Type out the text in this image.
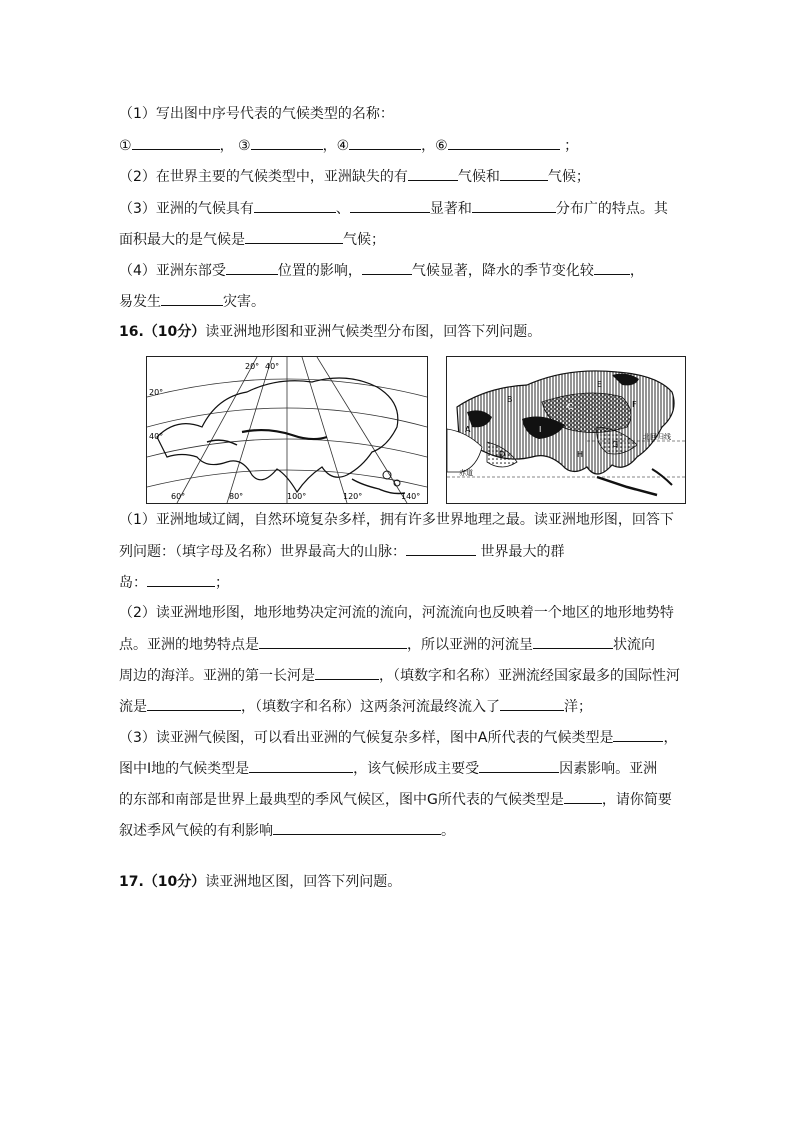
（1）写出图中序号代表的气候类型的名称：
①	， ③	，④	，⑥	；
（2）在世界主要的气候类型中，亚洲缺失的有	气候和	气候；
（3）亚洲的气候具有	、	显著和	分布广的特点。其
面积最大的是气候是	气候；
（4）亚洲东部受	位置的影响，	气候显著，降水的季节变化较	，
易发生	灾害。
16.（10分）读亚洲地形图和亚洲气候类型分布图，回答下列问题。
20° 40°
20°
40°
60°	80°	100°	120°	140°
北回归线
赤道
A
B
C
D
E
F
G
H
Ⅰ
（1）亚洲地域辽阔，自然环境复杂多样，拥有许多世界地理之最。读亚洲地形图，回答下
列问题：（填字母及名称）世界最高大的山脉：	世界最大的群
岛：	；
（2）读亚洲地形图，地形地势决定河流的流向，河流流向也反映着一个地区的地形地势特
点。亚洲的地势特点是	，所以亚洲的河流呈	状流向
周边的海洋。亚洲的第一长河是	，（填数字和名称）亚洲流经国家最多的国际性河
流是	，（填数字和名称）这两条河流最终流入了	洋；
（3）读亚洲气候图，可以看出亚洲的气候复杂多样，图中A所代表的气候类型是	，
图中Ⅰ地的气候类型是	，该气候形成主要受	因素影响。亚洲
的东部和南部是世界上最典型的季风气候区，图中G所代表的气候类型是	，请你简要
叙述季风气候的有利影响	。
17.（10分）读亚洲地区图，回答下列问题。
